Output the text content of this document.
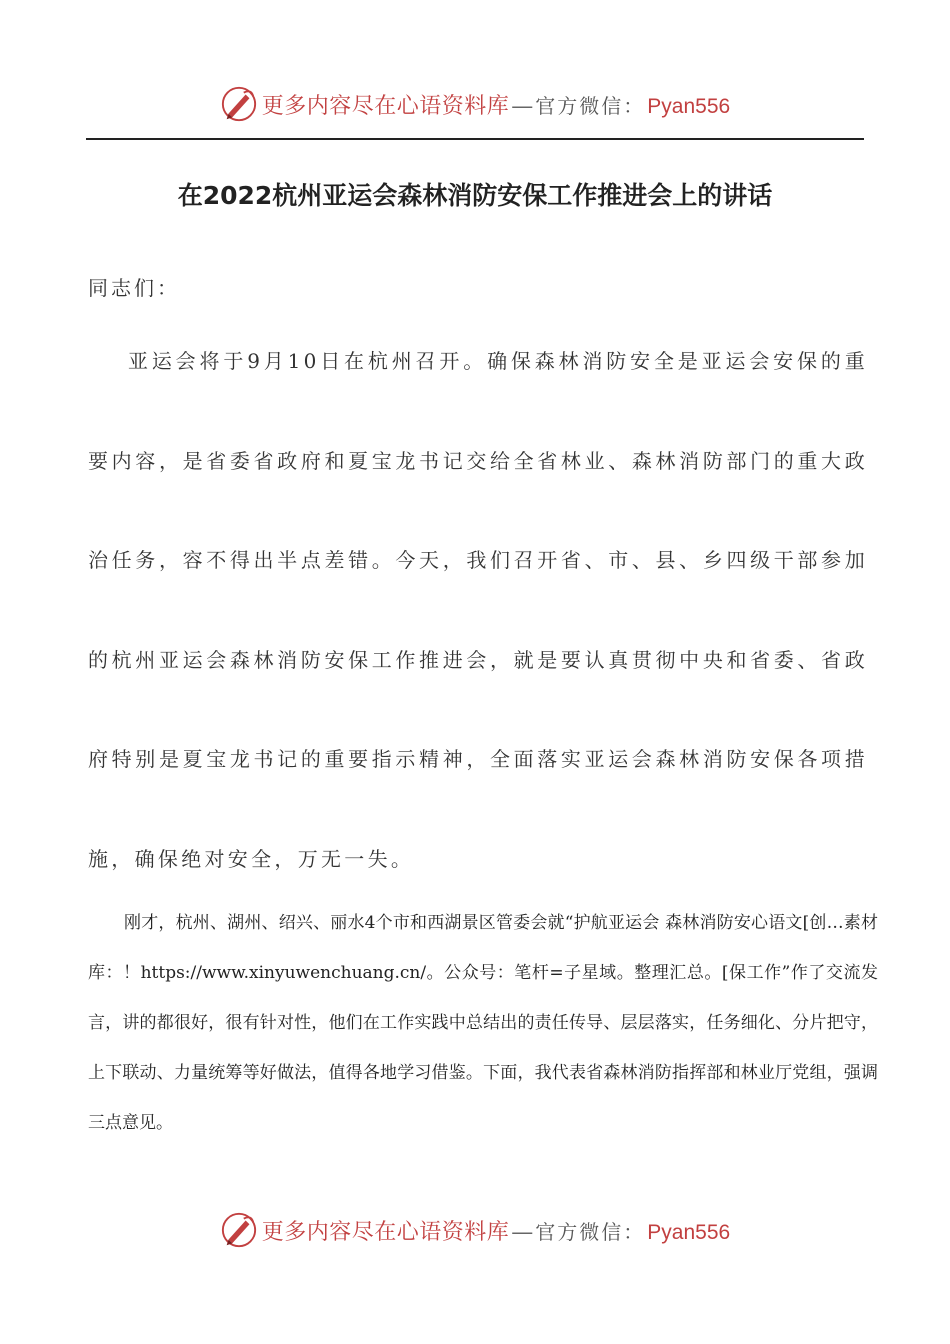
更多内容尽在心语资料库 — 官方微信： Pyan556
在2022杭州亚运会森林消防安保工作推进会上的讲话
同志们：

亚运会将于9月10日在杭州召开。确保森林消防安全是亚运会安保的重要内容，是省委省政府和夏宝龙书记交给全省林业、森林消防部门的重大政治任务，容不得出半点差错。今天，我们召开省、市、县、乡四级干部参加的杭州亚运会森林消防安保工作推进会，就是要认真贯彻中央和省委、省政府特别是夏宝龙书记的重要指示精神，全面落实亚运会森林消防安保各项措施，确保绝对安全，万无一失。

刚才，杭州、湖州、绍兴、丽水4个市和西湖景区管委会就“护航亚运会 森林消防安心语文[创…素材库：！https://www.xinyuwenchuang.cn/。公众号：笔杆=子星域。整理汇总。[保工作”作了交流发言，讲的都很好，很有针对性，他们在工作实践中总结出的责任传导、层层落实，任务细化、分片把守，上下联动、力量统筹等好做法，值得各地学习借鉴。下面，我代表省森林消防指挥部和林业厅党组，强调三点意见。

更多内容尽在心语资料库 — 官方微信： Pyan556
